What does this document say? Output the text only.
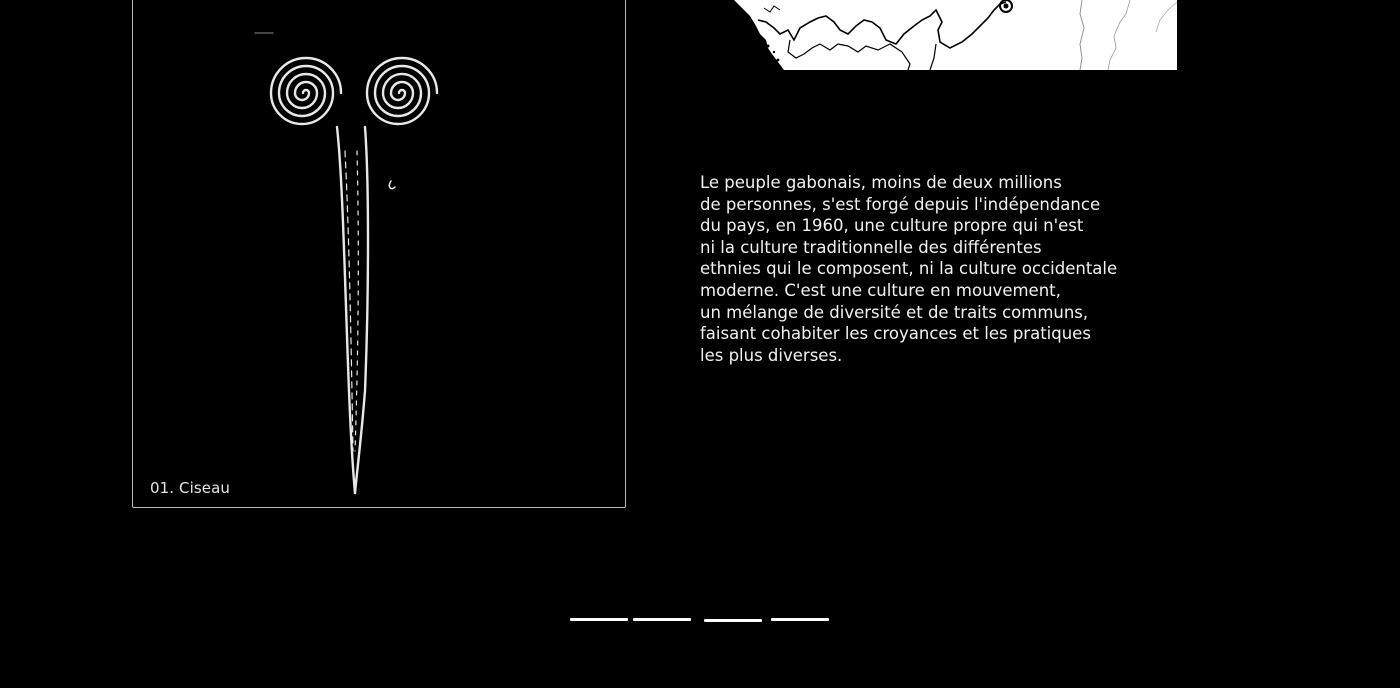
01. Ciseau

Le peuple gabonais, moins de deux millions
de personnes, s'est forgé depuis l'indépendance
du pays, en 1960, une culture propre qui n'est
ni la culture traditionnelle des différentes
ethnies qui le composent, ni la culture occidentale
moderne. C'est une culture en mouvement,
un mélange de diversité et de traits communs,
faisant cohabiter les croyances et les pratiques
les plus diverses.
